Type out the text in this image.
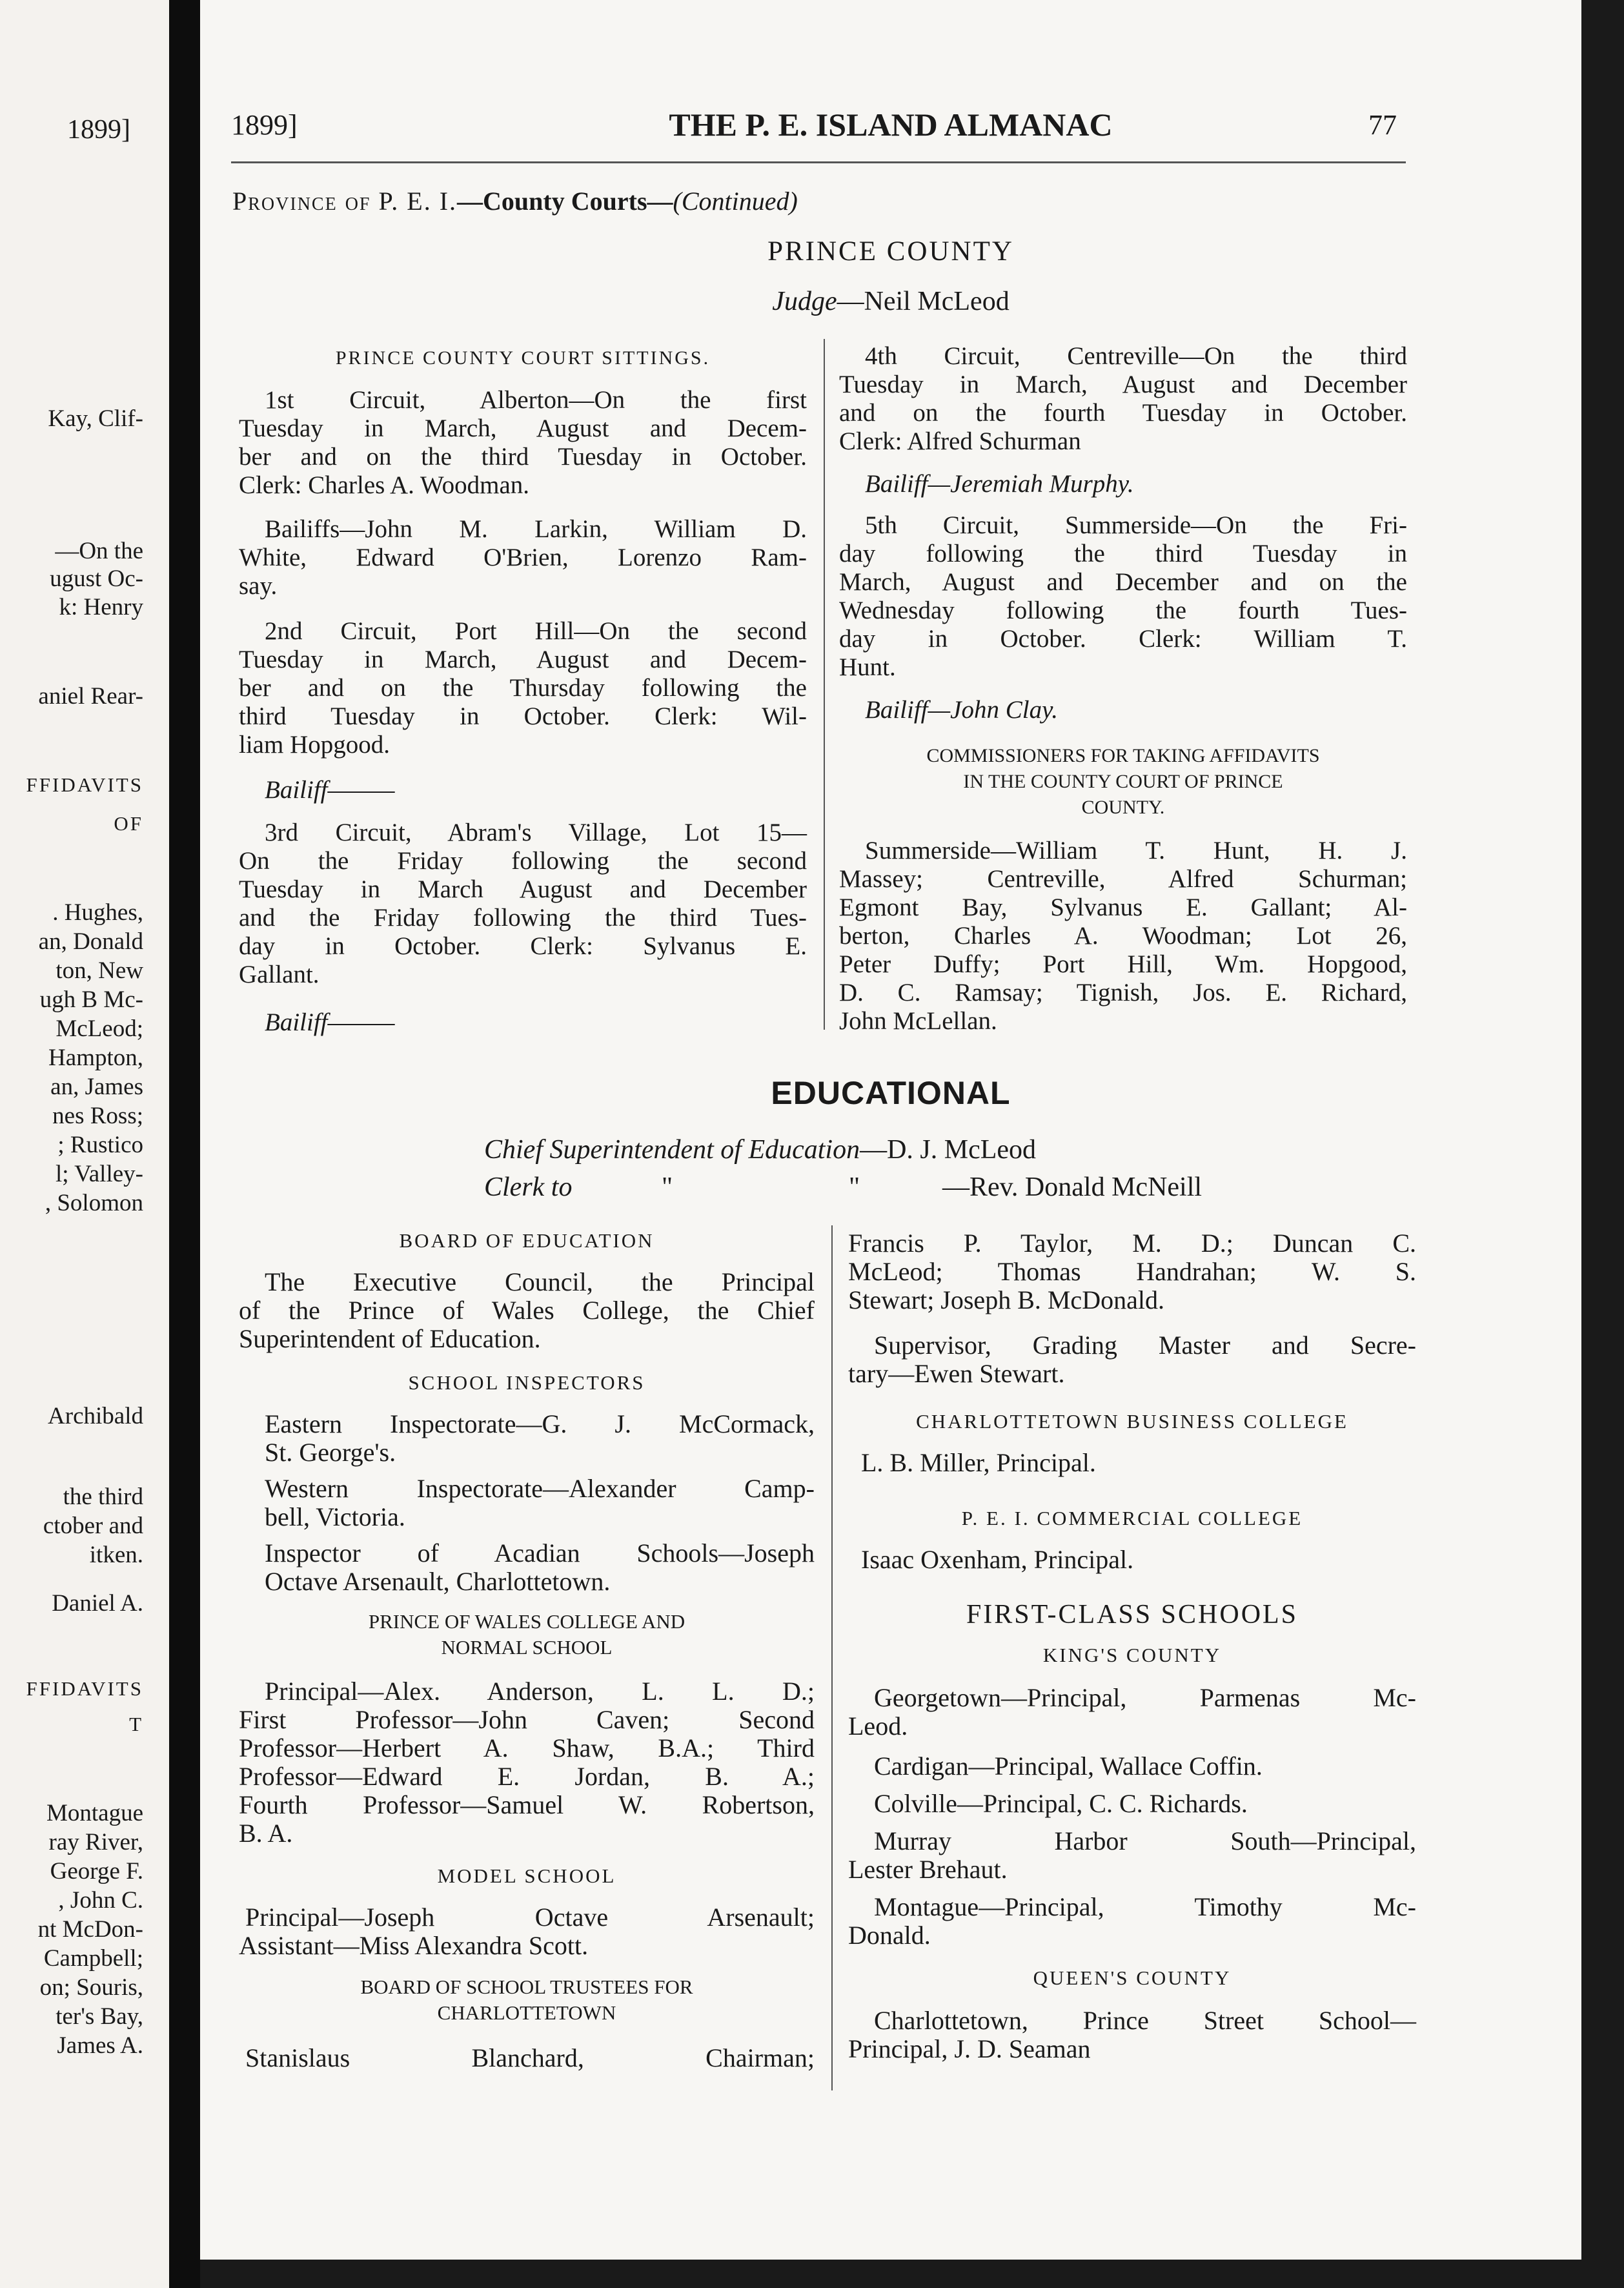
1899]
Kay, Clif-
—On the
ugust Oc-
k: Henry
aniel Rear-
FFIDAVITS
OF
. Hughes,
an, Donald
ton, New
ugh B Mc-
McLeod;
Hampton,
an, James
nes Ross;
; Rustico
l; Valley-
, Solomon
Archibald
the third
ctober and
itken.
Daniel A.
FFIDAVITS
T
Montague
ray River,
George F.
, John C.
nt McDon-
Campbell;
on; Souris,
ter's Bay,
James A.
1899]	THE P. E. ISLAND ALMANAC	77
Province of P. E. I.—County Courts—(Continued)
PRINCE COUNTY
Judge—Neil McLeod
PRINCE COUNTY COURT SITTINGS.
1st Circuit, Alberton—On the first
Tuesday in March, August and Decem-
ber and on the third Tuesday in October.
Clerk: Charles A. Woodman.
Bailiffs—John M. Larkin, William D.
White, Edward O'Brien, Lorenzo Ram-
say.
2nd Circuit, Port Hill—On the second
Tuesday in March, August and Decem-
ber and on the Thursday following the
third Tuesday in October. Clerk: Wil-
liam Hopgood.
Bailiff———
3rd Circuit, Abram's Village, Lot 15—
On the Friday following the second
Tuesday in March August and December
and the Friday following the third Tues-
day in October. Clerk: Sylvanus E.
Gallant.
Bailiff———
4th Circuit, Centreville—On the third
Tuesday in March, August and December
and on the fourth Tuesday in October.
Clerk: Alfred Schurman
Bailiff—Jeremiah Murphy.
5th Circuit, Summerside—On the Fri-
day following the third Tuesday in
March, August and December and on the
Wednesday following the fourth Tues-
day in October. Clerk: William T.
Hunt.
Bailiff—John Clay.
COMMISSIONERS FOR TAKING AFFIDAVITS
IN THE COUNTY COURT OF PRINCE
COUNTY.
Summerside—William T. Hunt, H. J.
Massey; Centreville, Alfred Schurman;
Egmont Bay, Sylvanus E. Gallant; Al-
berton, Charles A. Woodman; Lot 26,
Peter Duffy; Port Hill, Wm. Hopgood,
D. C. Ramsay; Tignish, Jos. E. Richard,
John McLellan.
EDUCATIONAL
Chief Superintendent of Education—D. J. McLeod
Clerk to	"	"	—Rev. Donald McNeill
BOARD OF EDUCATION
The Executive Council, the Principal
of the Prince of Wales College, the Chief
Superintendent of Education.
SCHOOL INSPECTORS
Eastern Inspectorate—G. J. McCormack,
St. George's.
Western Inspectorate—Alexander Camp-
bell, Victoria.
Inspector of Acadian Schools—Joseph
Octave Arsenault, Charlottetown.
PRINCE OF WALES COLLEGE AND
NORMAL SCHOOL
Principal—Alex. Anderson, L. L. D.;
First Professor—John Caven; Second
Professor—Herbert A. Shaw, B.A.; Third
Professor—Edward E. Jordan, B. A.;
Fourth Professor—Samuel W. Robertson,
B. A.
MODEL SCHOOL
Principal—Joseph Octave Arsenault;
Assistant—Miss Alexandra Scott.
BOARD OF SCHOOL TRUSTEES FOR
CHARLOTTETOWN
Stanislaus Blanchard, Chairman;
Francis P. Taylor, M. D.; Duncan C.
McLeod; Thomas Handrahan; W. S.
Stewart; Joseph B. McDonald.
Supervisor, Grading Master and Secre-
tary—Ewen Stewart.
CHARLOTTETOWN BUSINESS COLLEGE
L. B. Miller, Principal.
P. E. I. COMMERCIAL COLLEGE
Isaac Oxenham, Principal.
FIRST-CLASS SCHOOLS
KING'S COUNTY
Georgetown—Principal, Parmenas Mc-
Leod.
Cardigan—Principal, Wallace Coffin.
Colville—Principal, C. C. Richards.
Murray Harbor South—Principal,
Lester Brehaut.
Montague—Principal, Timothy Mc-
Donald.
QUEEN'S COUNTY
Charlottetown, Prince Street School—
Principal, J. D. Seaman
